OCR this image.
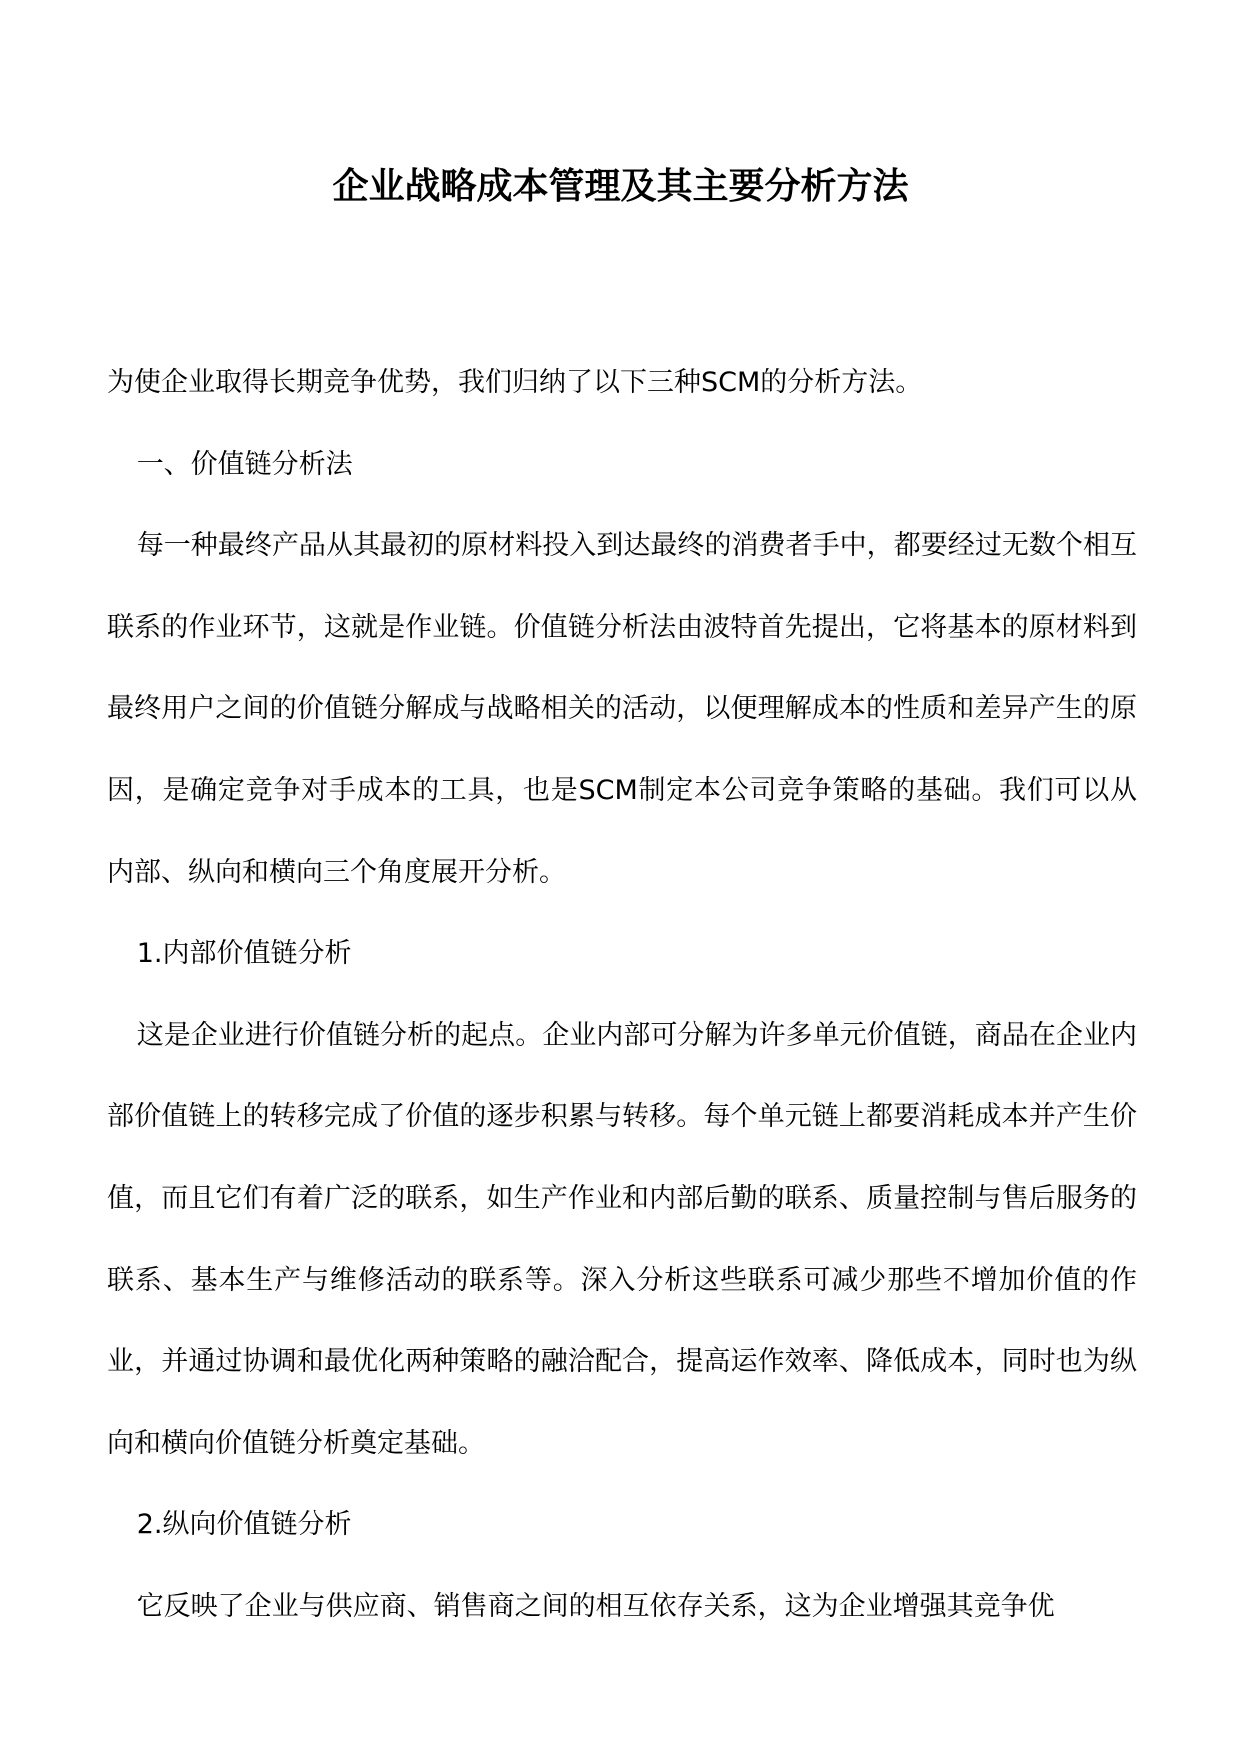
企业战略成本管理及其主要分析方法

为使企业取得长期竞争优势，我们归纳了以下三种SCM的分析方法。

一、价值链分析法

每一种最终产品从其最初的原材料投入到达最终的消费者手中，都要经过无数个相互联系的作业环节，这就是作业链。价值链分析法由波特首先提出，它将基本的原材料到最终用户之间的价值链分解成与战略相关的活动，以便理解成本的性质和差异产生的原因，是确定竞争对手成本的工具，也是SCM制定本公司竞争策略的基础。我们可以从内部、纵向和横向三个角度展开分析。

1.内部价值链分析

这是企业进行价值链分析的起点。企业内部可分解为许多单元价值链，商品在企业内部价值链上的转移完成了价值的逐步积累与转移。每个单元链上都要消耗成本并产生价值，而且它们有着广泛的联系，如生产作业和内部后勤的联系、质量控制与售后服务的联系、基本生产与维修活动的联系等。深入分析这些联系可减少那些不增加价值的作业，并通过协调和最优化两种策略的融洽配合，提高运作效率、降低成本，同时也为纵向和横向价值链分析奠定基础。

2.纵向价值链分析

它反映了企业与供应商、销售商之间的相互依存关系，这为企业增强其竞争优
